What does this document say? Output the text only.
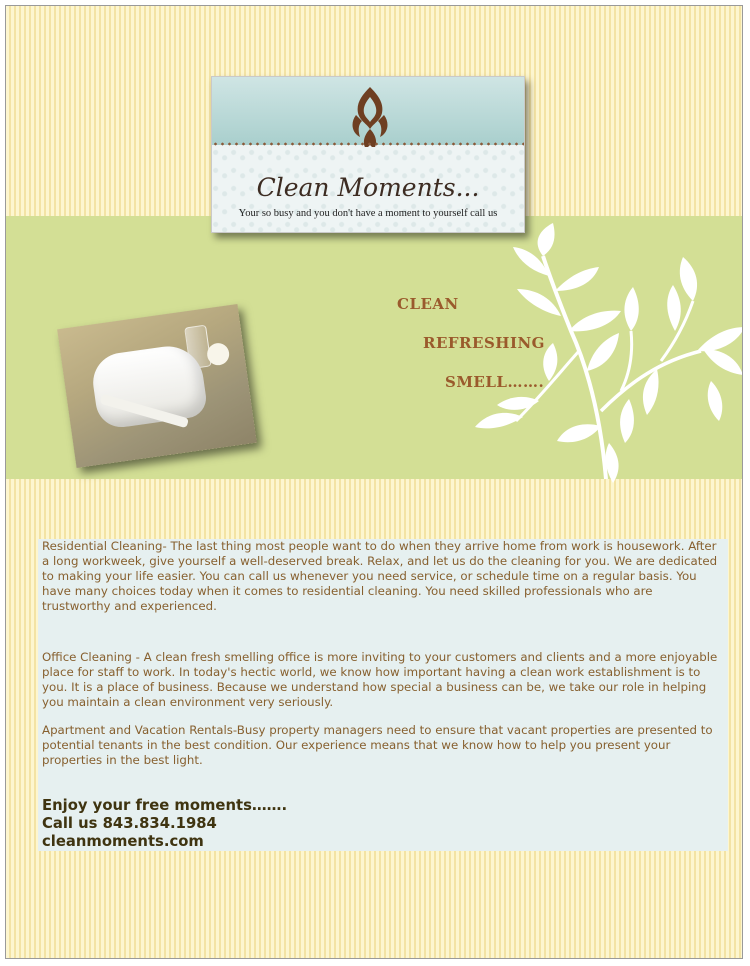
Clean Moments...
Your so busy and you don't have a moment to yourself call us
CLEAN
REFRESHING
SMELL…….

Residential Cleaning- The last thing most people want to do when they arrive home from work is housework. After a long workweek, give yourself a well-deserved break. Relax, and let us do the cleaning for you. We are dedicated to making your life easier. You can call us whenever you need service, or schedule time on a regular basis. You have many choices today when it comes to residential cleaning. You need skilled professionals who are trustworthy and experienced.

Office Cleaning - A clean fresh smelling office is more inviting to your customers and clients and a more enjoyable place for staff to work. In today's hectic world, we know how important having a clean work establishment is to you. It is a place of business. Because we understand how special a business can be, we take our role in helping you maintain a clean environment very seriously.

Apartment and Vacation Rentals-Busy property managers need to ensure that vacant properties are presented to potential tenants in the best condition. Our experience means that we know how to help you present your properties in the best light.

Enjoy your free moments…….
Call us 843.834.1984
cleanmoments.com
